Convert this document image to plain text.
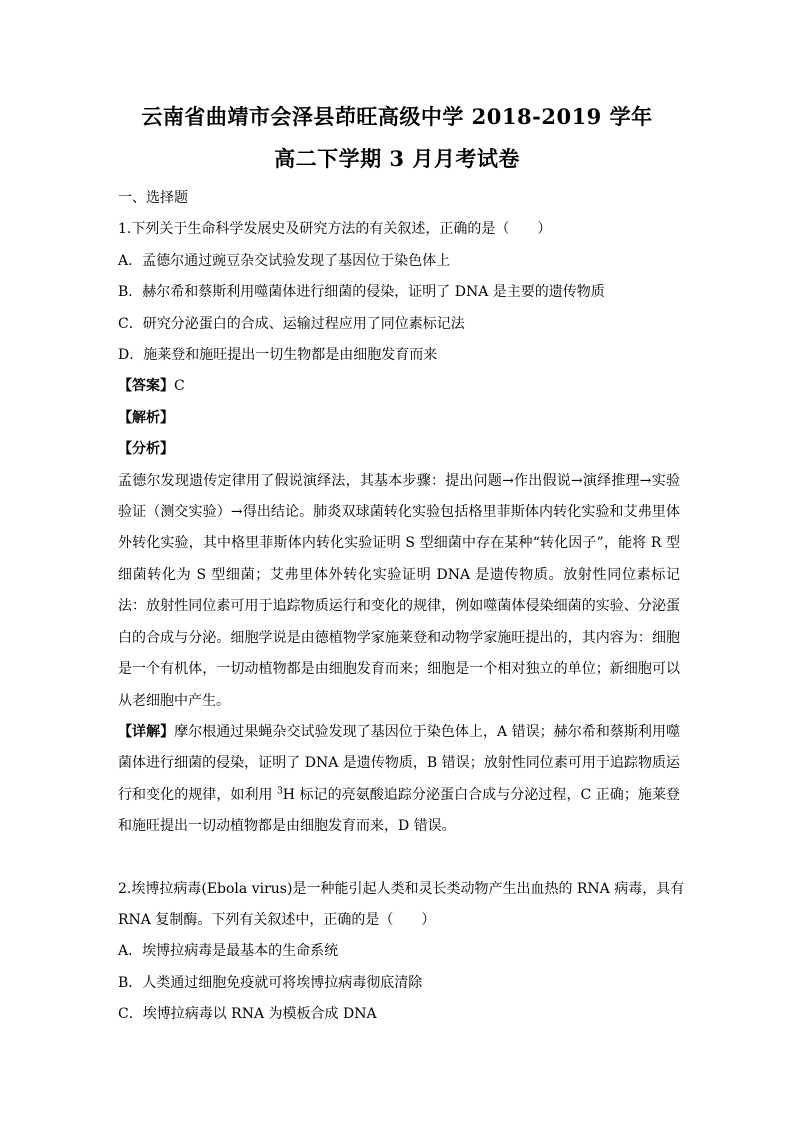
云南省曲靖市会泽县茚旺高级中学 2018-2019 学年
高二下学期 3 月月考试卷

一、选择题

1.下列关于生命科学发展史及研究方法的有关叙述，正确的是（　　）

A．孟德尔通过豌豆杂交试验发现了基因位于染色体上

B．赫尔希和蔡斯利用噬菌体进行细菌的侵染，证明了 DNA 是主要的遗传物质

C．研究分泌蛋白的合成、运输过程应用了同位素标记法

D．施莱登和施旺提出一切生物都是由细胞发育而来

【答案】C

【解析】

【分析】

孟德尔发现遗传定律用了假说演绎法，其基本步骤：提出问题→作出假说→演绎推理→实验验证（测交实验）→得出结论。肺炎双球菌转化实验包括格里菲斯体内转化实验和艾弗里体外转化实验，其中格里菲斯体内转化实验证明 S 型细菌中存在某种“转化因子”，能将 R 型细菌转化为 S 型细菌；艾弗里体外转化实验证明 DNA 是遗传物质。放射性同位素标记法：放射性同位素可用于追踪物质运行和变化的规律，例如噬菌体侵染细菌的实验、分泌蛋白的合成与分泌。细胞学说是由德植物学家施莱登和动物学家施旺提出的，其内容为：细胞是一个有机体，一切动植物都是由细胞发育而来；细胞是一个相对独立的单位；新细胞可以从老细胞中产生。

【详解】摩尔根通过果蝇杂交试验发现了基因位于染色体上，A 错误；赫尔希和蔡斯利用噬菌体进行细菌的侵染，证明了 DNA 是遗传物质，B 错误；放射性同位素可用于追踪物质运行和变化的规律，如利用 $^3$H 标记的亮氨酸追踪分泌蛋白合成与分泌过程，C 正确；施莱登和施旺提出一切动植物都是由细胞发育而来，D 错误。

2.埃博拉病毒(Ebola virus)是一种能引起人类和灵长类动物产生出血热的 RNA 病毒，具有

RNA 复制酶。下列有关叙述中，正确的是（　　）

A．埃博拉病毒是最基本的生命系统

B．人类通过细胞免疫就可将埃博拉病毒彻底清除

C．埃博拉病毒以 RNA 为模板合成 DNA
